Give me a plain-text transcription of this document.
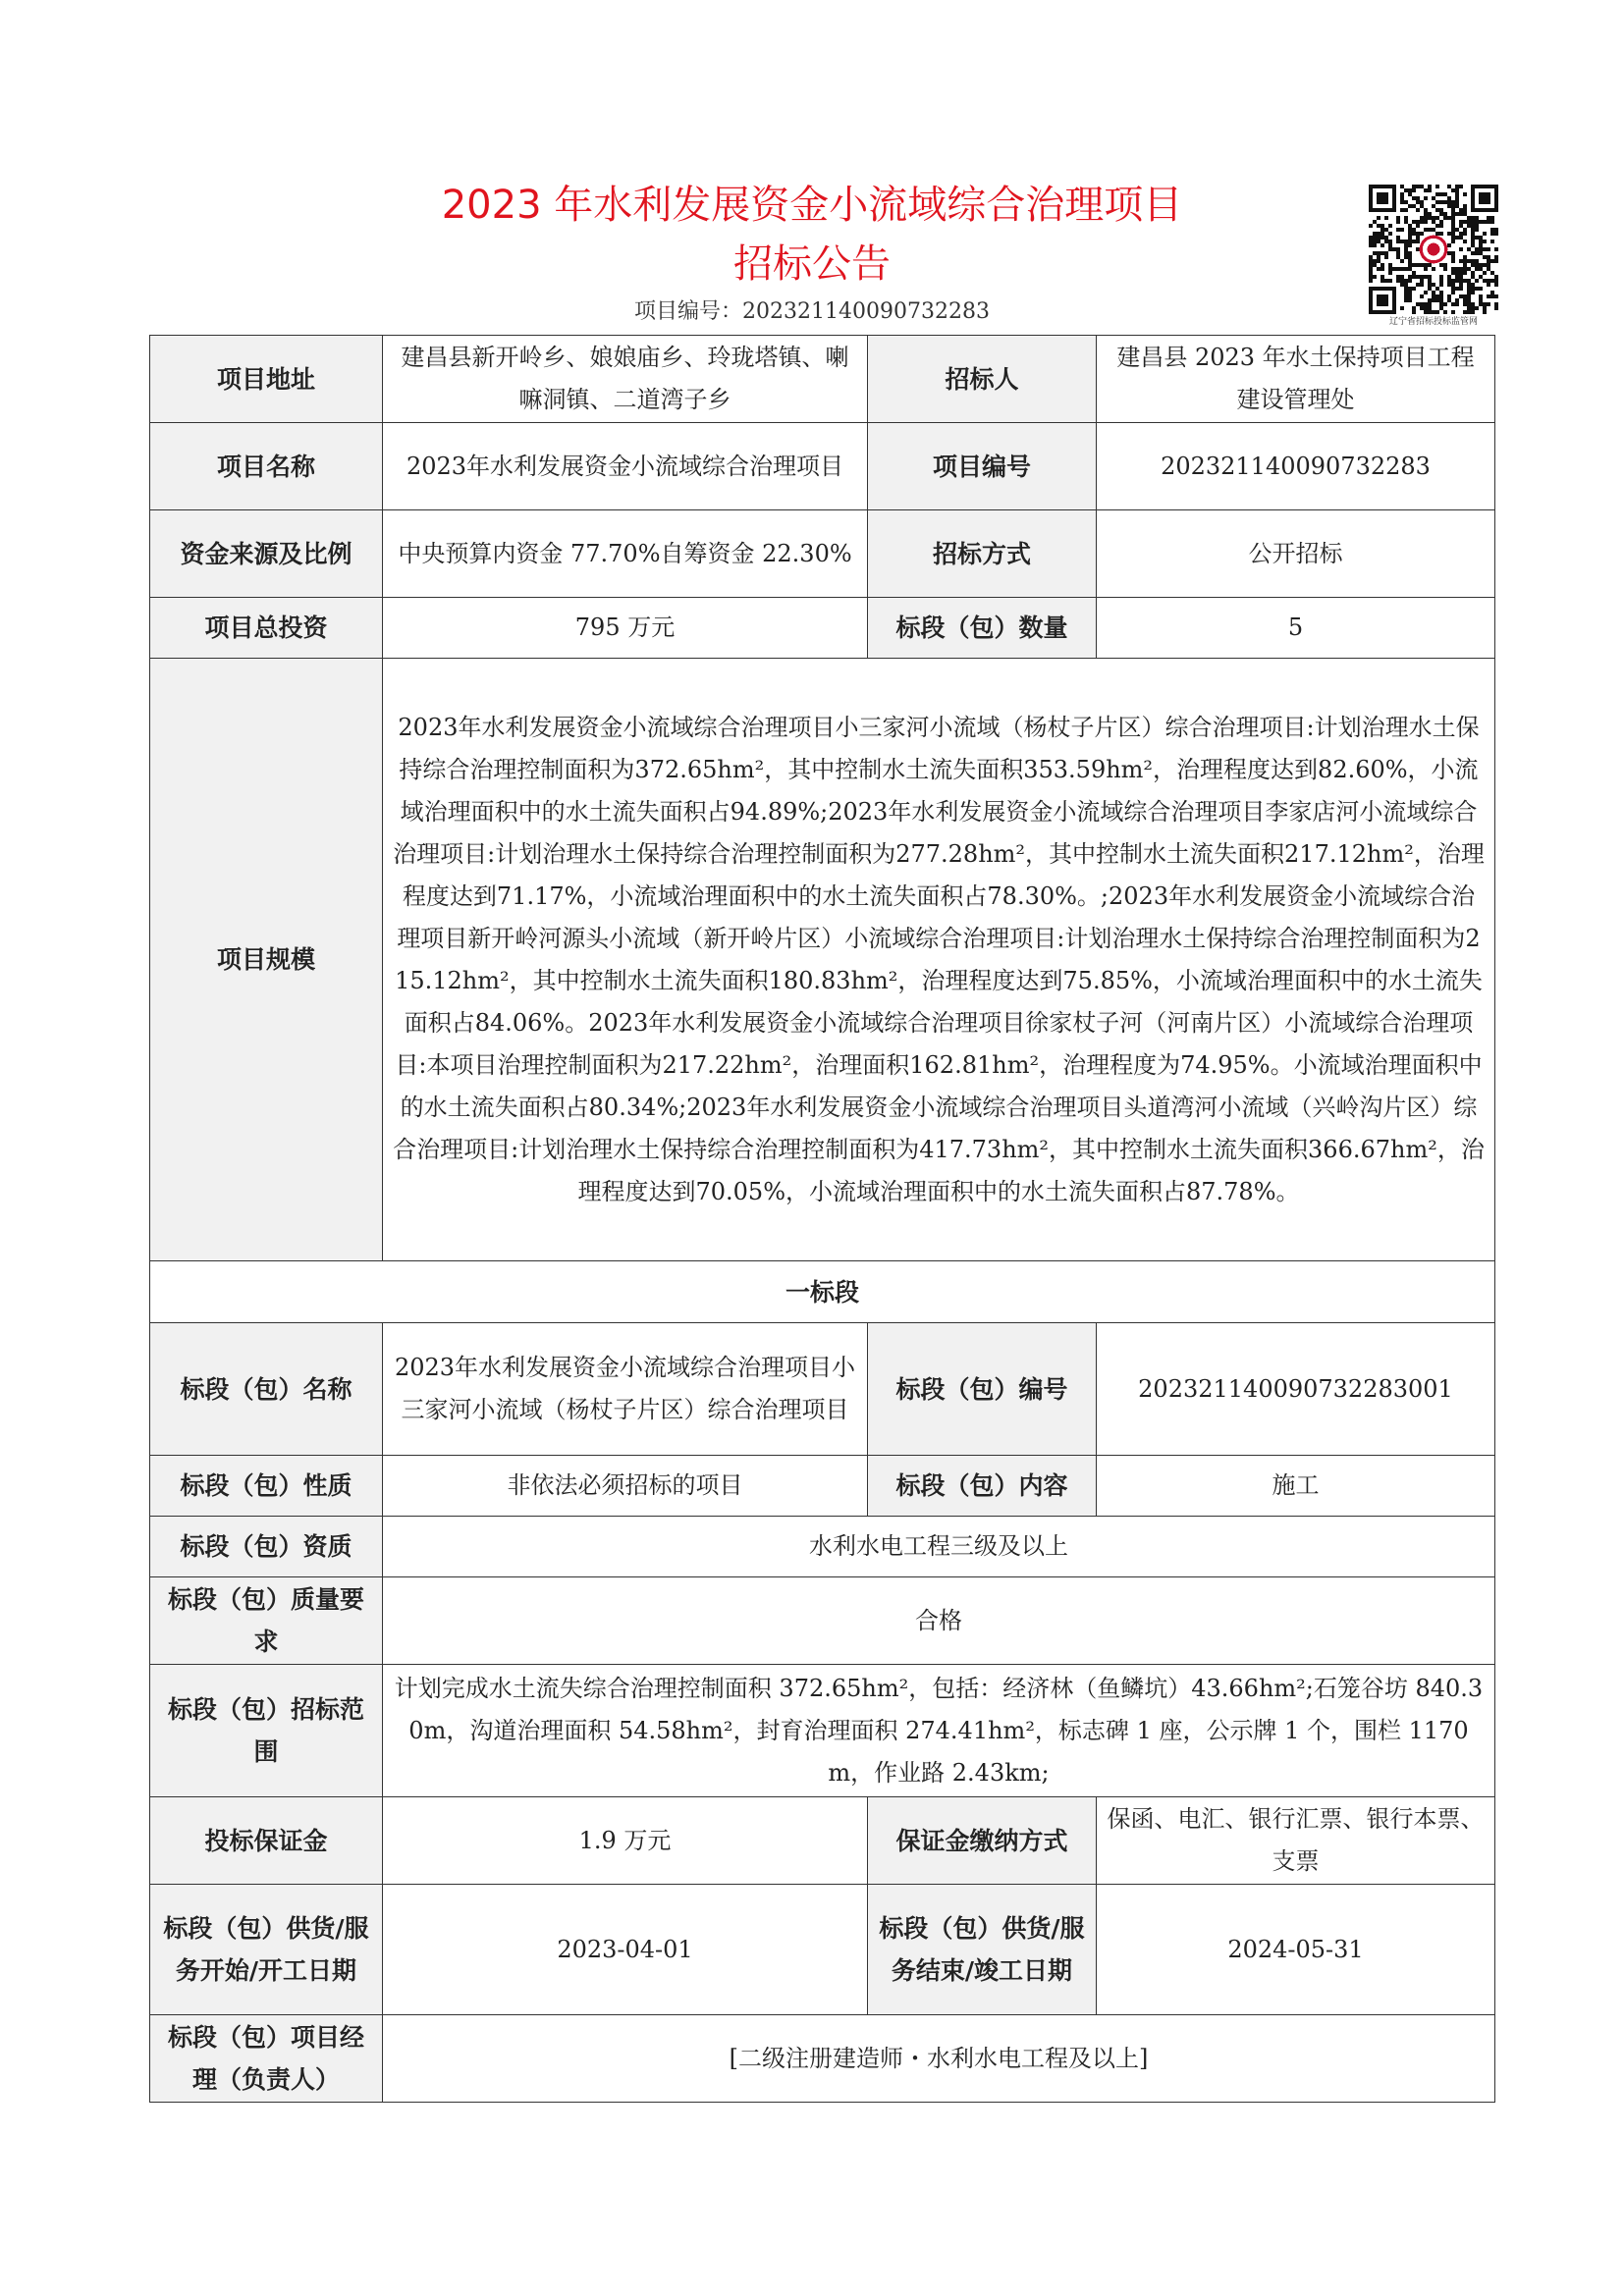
2023 年水利发展资金小流域综合治理项目
招标公告
项目编号：202321140090732283	辽宁省招标投标监管网
项目地址	建昌县新开岭乡、娘娘庙乡、玲珑塔镇、喇嘛洞镇、二道湾子乡	招标人	建昌县 2023 年水土保持项目工程建设管理处
项目名称	2023年水利发展资金小流域综合治理项目	项目编号	202321140090732283
资金来源及比例	中央预算内资金 77.70%自筹资金 22.30%	招标方式	公开招标
项目总投资	795 万元	标段（包）数量	5
项目规模	2023年水利发展资金小流域综合治理项目小三家河小流域（杨杖子片区）综合治理项目:计划治理水土保持综合治理控制面积为372.65hm²，其中控制水土流失面积353.59hm²，治理程度达到82.60%，小流域治理面积中的水土流失面积占94.89%;2023年水利发展资金小流域综合治理项目李家店河小流域综合治理项目:计划治理水土保持综合治理控制面积为277.28hm²，其中控制水土流失面积217.12hm²，治理程度达到71.17%，小流域治理面积中的水土流失面积占78.30%。;2023年水利发展资金小流域综合治理项目新开岭河源头小流域（新开岭片区）小流域综合治理项目:计划治理水土保持综合治理控制面积为215.12hm²，其中控制水土流失面积180.83hm²，治理程度达到75.85%，小流域治理面积中的水土流失面积占84.06%。2023年水利发展资金小流域综合治理项目徐家杖子河（河南片区）小流域综合治理项目:本项目治理控制面积为217.22hm²，治理面积162.81hm²，治理程度为74.95%。小流域治理面积中的水土流失面积占80.34%;2023年水利发展资金小流域综合治理项目头道湾河小流域（兴岭沟片区）综合治理项目:计划治理水土保持综合治理控制面积为417.73hm²，其中控制水土流失面积366.67hm²，治理程度达到70.05%，小流域治理面积中的水土流失面积占87.78%。		
一标段			
标段（包）名称	2023年水利发展资金小流域综合治理项目小三家河小流域（杨杖子片区）综合治理项目	标段（包）编号	202321140090732283001
标段（包）性质	非依法必须招标的项目	标段（包）内容	施工
标段（包）资质	水利水电工程三级及以上		
标段（包）质量要求	合格		
标段（包）招标范围	计划完成水土流失综合治理控制面积 372.65hm²，包括：经济林（鱼鳞坑）43.66hm²;石笼谷坊 840.30m，沟道治理面积 54.58hm²，封育治理面积 274.41hm²，标志碑 1 座，公示牌 1 个，围栏 1170m，作业路 2.43km;		
投标保证金	1.9 万元	保证金缴纳方式	保函、电汇、银行汇票、银行本票、支票
标段（包）供货/服务开始/开工日期	2023-04-01	标段（包）供货/服务结束/竣工日期	2024-05-31
标段（包）项目经理（负责人）	[二级注册建造师・水利水电工程及以上]		
